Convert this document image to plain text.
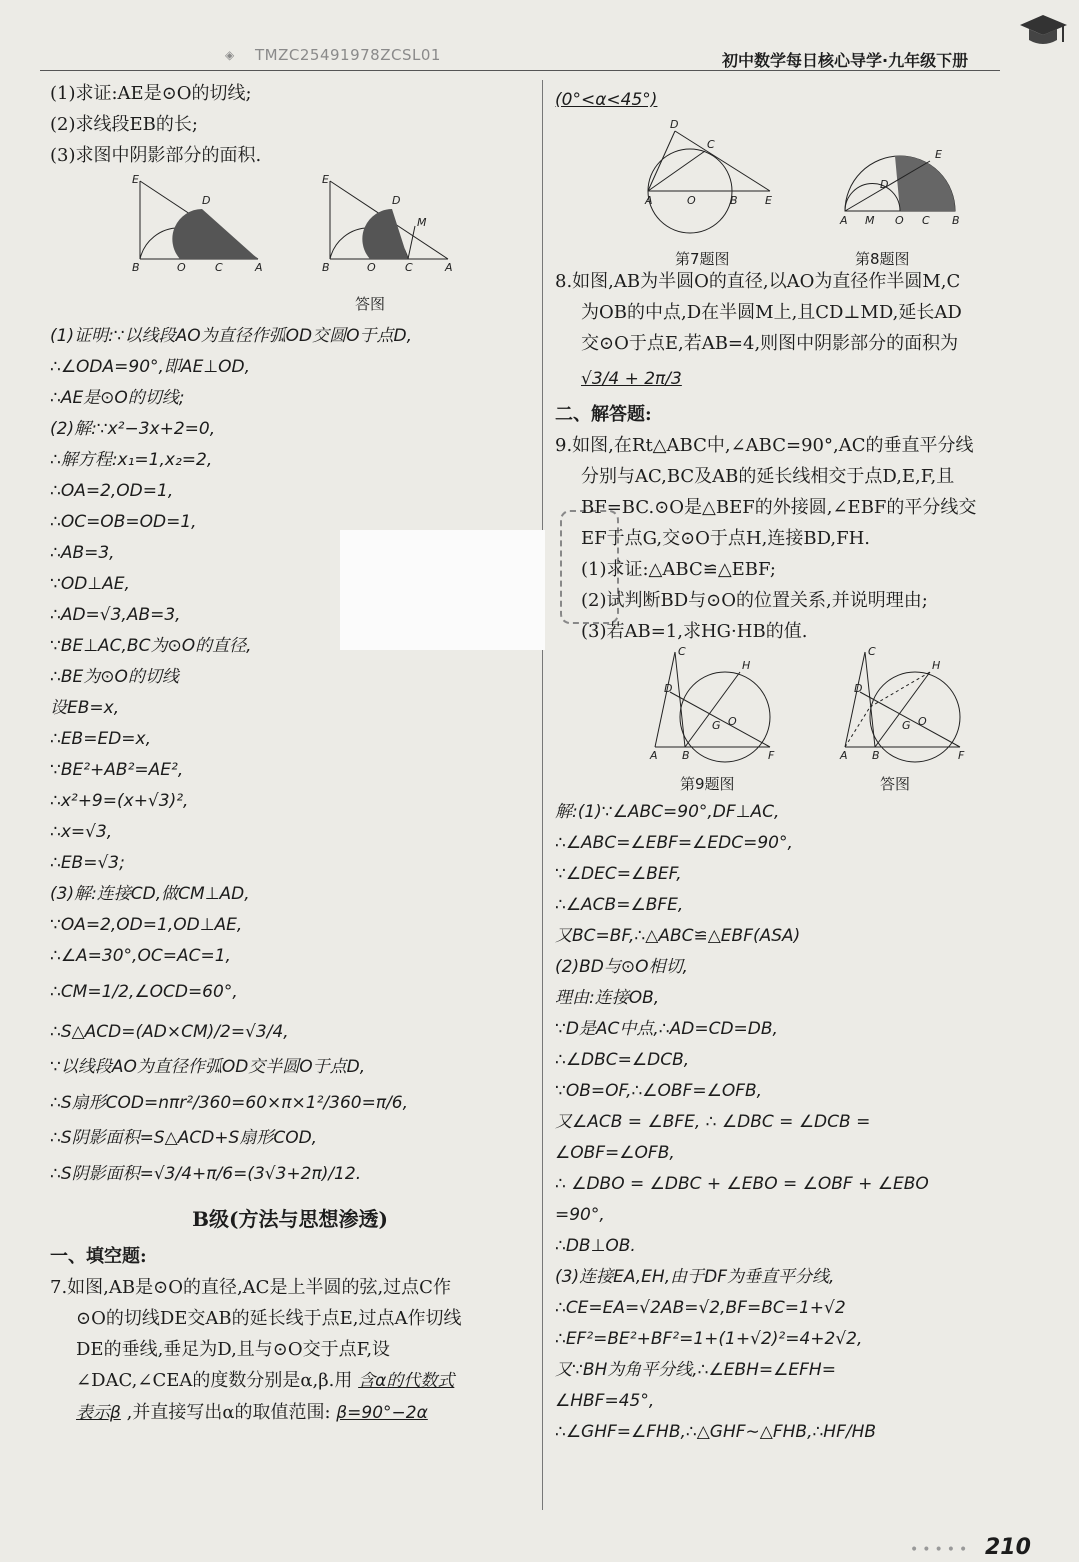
◈ TMZC25491978ZCSL01	初中数学每日核心导学·九年级下册
(1)求证:AE是⊙O的切线;
(2)求线段EB的长;
(3)求图中阴影部分的面积.
E
B	O	C	A
D
E
B	O	C	A
D
M
答图
(1)证明:∵以线段AO为直径作弧OD交圆O于点D,
∴∠ODA=90°,即AE⊥OD,
∴AE是⊙O的切线;
(2)解:∵x²−3x+2=0,
∴解方程:x₁=1,x₂=2,
∴OA=2,OD=1,
∴OC=OB=OD=1,
∴AB=3,
∵OD⊥AE,
∴AD=√3,AB=3,
∵BE⊥AC,BC为⊙O的直径,
∴BE为⊙O的切线
设EB=x,
∴EB=ED=x,
∵BE²+AB²=AE²,
∴x²+9=(x+√3)²,
∴x=√3,
∴EB=√3;
(3)解:连接CD,做CM⊥AD,
∵OA=2,OD=1,OD⊥AE,
∴∠A=30°,OC=AC=1,
∴CM=1/2,∠OCD=60°,
∴S△ACD=(AD×CM)/2=√3/4,
∵以线段AO为直径作弧OD交半圆O于点D,
∴S扇形COD=nπr²/360=60×π×1²/360=π/6,
∴S阴影面积=S△ACD+S扇形COD,
∴S阴影面积=√3/4+π/6=(3√3+2π)/12.
B级(方法与思想渗透)
一、填空题:
7.如图,AB是⊙O的直径,AC是上半圆的弦,过点C作
⊙O的切线DE交AB的延长线于点E,过点A作切线
DE的垂线,垂足为D,且与⊙O交于点F,设
∠DAC,∠CEA的度数分别是α,β.用 含α的代数式
表示β ,并直接写出α的取值范围: β=90°−2α
(0°<α<45°)
D
C
A	O	B E
A M O C B
D
E
第7题图	第8题图
8.如图,AB为半圆O的直径,以AO为直径作半圆M,C
为OB的中点,D在半圆M上,且CD⊥MD,延长AD
交⊙O于点E,若AB=4,则图中阴影部分的面积为
√3/4 + 2π/3
二、解答题:
9.如图,在Rt△ABC中,∠ABC=90°,AC的垂直平分线
分别与AC,BC及AB的延长线相交于点D,E,F,且
BF=BC.⊙O是△BEF的外接圆,∠EBF的平分线交
EF于点G,交⊙O于点H,连接BD,FH.
(1)求证:△ABC≌△EBF;
(2)试判断BD与⊙O的位置关系,并说明理由;
(3)若AB=1,求HG·HB的值.
C
A B	F
H
D
G O
C
A B	F
H
D
G O
第9题图	答图
解:(1)∵∠ABC=90°,DF⊥AC,
∴∠ABC=∠EBF=∠EDC=90°,
∵∠DEC=∠BEF,
∴∠ACB=∠BFE,
又BC=BF,∴△ABC≌△EBF(ASA)
(2)BD与⊙O相切,
理由:连接OB,
∵D是AC中点,∴AD=CD=DB,
∴∠DBC=∠DCB,
∵OB=OF,∴∠OBF=∠OFB,
又∠ACB = ∠BFE, ∴ ∠DBC = ∠DCB =
∠OBF=∠OFB,
∴ ∠DBO = ∠DBC + ∠EBO = ∠OBF + ∠EBO
=90°,
∴DB⊥OB.
(3)连接EA,EH,由于DF为垂直平分线,
∴CE=EA=√2AB=√2,BF=BC=1+√2
∴EF²=BE²+BF²=1+(1+√2)²=4+2√2,
又∵BH为角平分线,∴∠EBH=∠EFH=
∠HBF=45°,
∴∠GHF=∠FHB,∴△GHF∼△FHB,∴HF/HB
••••• 210
